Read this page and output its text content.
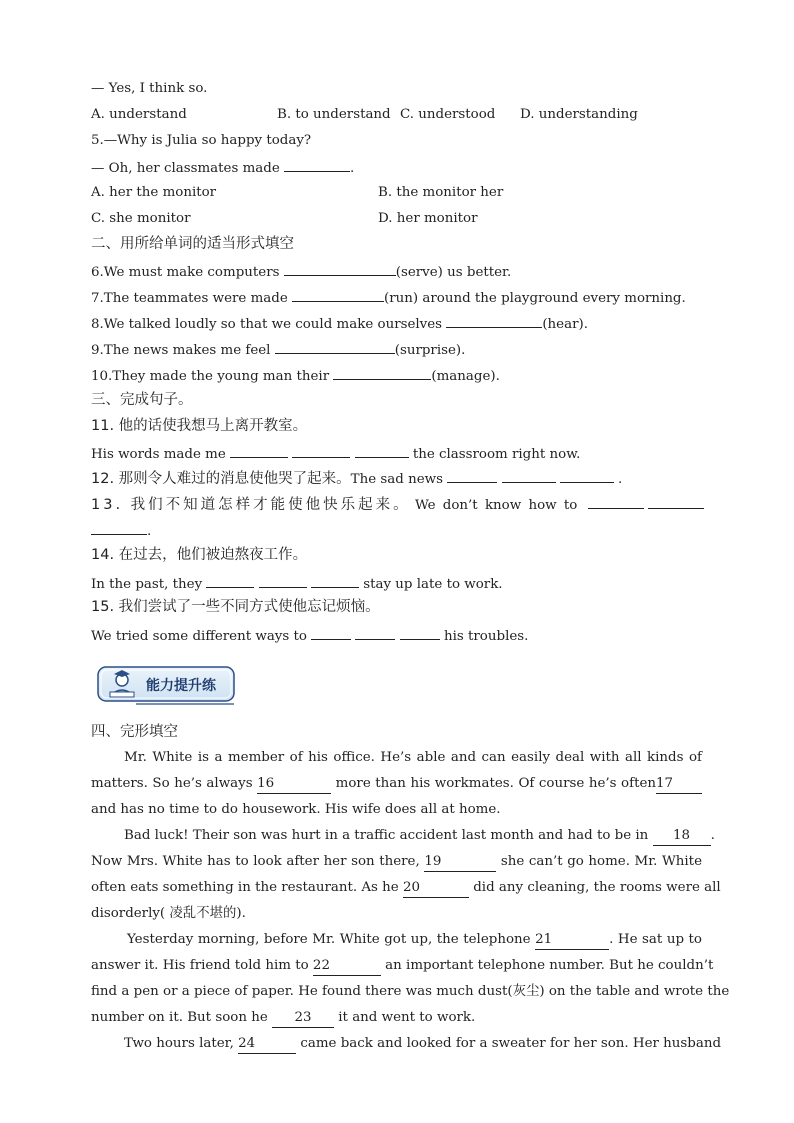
— Yes, I think so.
A. understand	B. to understand C. understood D. understanding
5.—Why is Julia so happy today?
— Oh, her classmates made	.
A. her the monitor	B. the monitor her
C. she monitor	D. her monitor
二、用所给单词的适当形式填空
6.We must make computers	(serve) us better.
7.The teammates were made	(run) around the playground every morning.
8.We talked loudly so that we could make ourselves	(hear).
9.The news makes me feel	(surprise).
10.They made the young man their	(manage).
三、完成句子。
11. 他的话使我想马上离开教室。
His words made me	the classroom right now.
12. 那则令人难过的消息使他哭了起来。The sad news	.
13. 我们不知道怎样才能使他快乐起来。 We don’t know how to
.
14. 在过去，他们被迫熬夜工作。
In the past, they	stay up late to work.
15. 我们尝试了一些不同方式使他忘记烦恼。
We tried some different ways to	his troubles.
能力提升练
四、完形填空
Mr. White is a member of his office. He’s able and can easily deal with all kinds of
matters. So he’s always 16	more than his workmates. Of course he’s often17
and has no time to do housework. His wife does all at home.
Bad luck! Their son was hurt in a traffic accident last month and had to be in 18 .
Now Mrs. White has to look after her son there, 19	she can’t go home. Mr. White
often eats something in the restaurant. As he 20	did any cleaning, the rooms were all
disorderly( 凌乱不堪的).
Yesterday morning, before Mr. White got up, the telephone 21	. He sat up to
answer it. His friend told him to 22	an important telephone number. But he couldn’t
find a pen or a piece of paper. He found there was much dust(灰尘) on the table and wrote the
number on it. But soon he 23 it and went to work.
Two hours later, 24	came back and looked for a sweater for her son. Her husband
